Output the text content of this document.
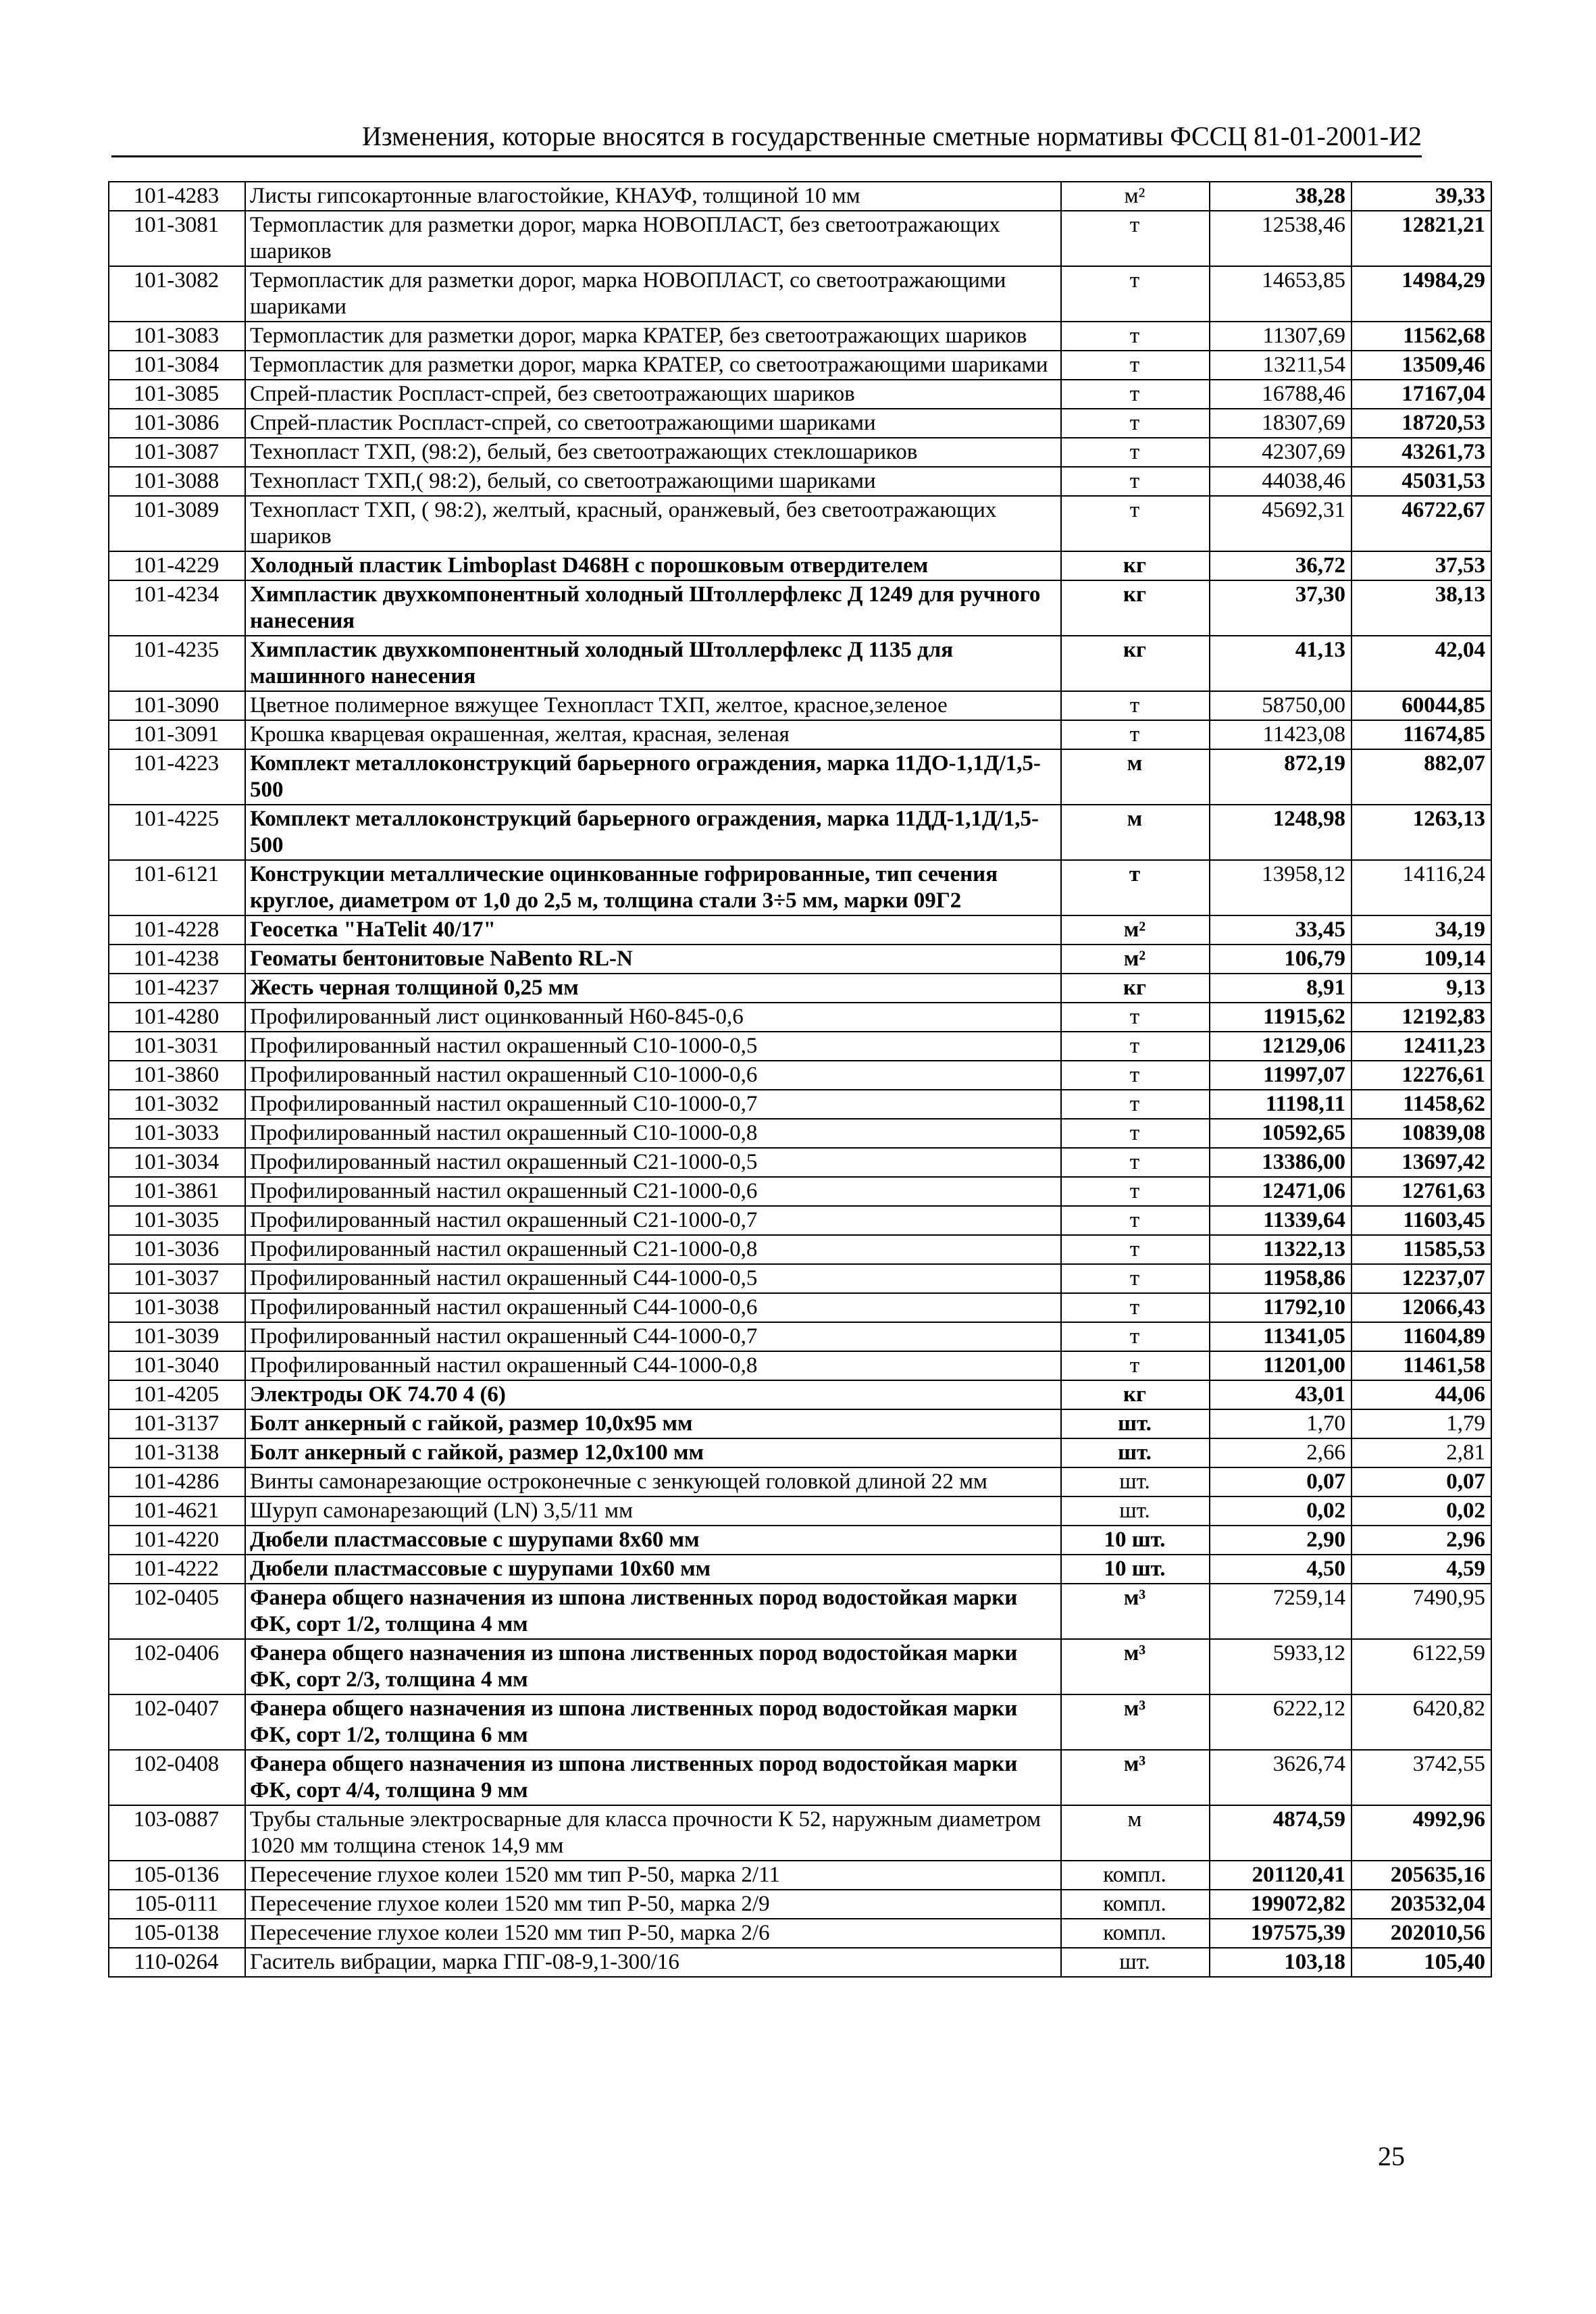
Изменения, которые вносятся в государственные сметные нормативы ФССЦ 81-01-2001-И2
101-4283	Листы гипсокартонные влагостойкие, КНАУФ, толщиной 10 мм	м²	38,28	39,33
101-3081	Термопластик для разметки дорог, марка НОВОПЛАСТ, без светоотражающих шариков	т	12538,46	12821,21
101-3082	Термопластик для разметки дорог, марка НОВОПЛАСТ, со светоотражающими шариками	т	14653,85	14984,29
101-3083	Термопластик для разметки дорог, марка КРАТЕР, без светоотражающих шариков	т	11307,69	11562,68
101-3084	Термопластик для разметки дорог, марка КРАТЕР, со светоотражающими шариками	т	13211,54	13509,46
101-3085	Спрей-пластик Роспласт-спрей, без светоотражающих шариков	т	16788,46	17167,04
101-3086	Спрей-пластик Роспласт-спрей, со светоотражающими шариками	т	18307,69	18720,53
101-3087	Технопласт ТХП, (98:2), белый, без светоотражающих стеклошариков	т	42307,69	43261,73
101-3088	Технопласт ТХП,( 98:2), белый, со светоотражающими шариками	т	44038,46	45031,53
101-3089	Технопласт ТХП, ( 98:2), желтый, красный, оранжевый, без светоотражающих шариков	т	45692,31	46722,67
101-4229	Холодный пластик Limboplast D468H с порошковым отвердителем	кг	36,72	37,53
101-4234	Химпластик двухкомпонентный холодный Штоллерфлекс Д 1249 для ручного нанесения	кг	37,30	38,13
101-4235	Химпластик двухкомпонентный холодный Штоллерфлекс Д 1135 для машинного нанесения	кг	41,13	42,04
101-3090	Цветное полимерное вяжущее Технопласт ТХП, желтое, красное,зеленое	т	58750,00	60044,85
101-3091	Крошка кварцевая окрашенная, желтая, красная, зеленая	т	11423,08	11674,85
101-4223	Комплект металлоконструкций барьерного ограждения, марка 11ДО-1,1Д/1,5-500	м	872,19	882,07
101-4225	Комплект металлоконструкций барьерного ограждения, марка 11ДД-1,1Д/1,5-500	м	1248,98	1263,13
101-6121	Конструкции металлические оцинкованные гофрированные, тип сечения круглое, диаметром от 1,0 до 2,5 м, толщина стали 3÷5 мм, марки 09Г2	т	13958,12	14116,24
101-4228	Геосетка "HaTelit 40/17"	м²	33,45	34,19
101-4238	Геоматы бентонитовые NaBento RL-N	м²	106,79	109,14
101-4237	Жесть черная толщиной 0,25 мм	кг	8,91	9,13
101-4280	Профилированный лист оцинкованный Н60-845-0,6	т	11915,62	12192,83
101-3031	Профилированный настил окрашенный С10-1000-0,5	т	12129,06	12411,23
101-3860	Профилированный настил окрашенный С10-1000-0,6	т	11997,07	12276,61
101-3032	Профилированный настил окрашенный С10-1000-0,7	т	11198,11	11458,62
101-3033	Профилированный настил окрашенный С10-1000-0,8	т	10592,65	10839,08
101-3034	Профилированный настил окрашенный С21-1000-0,5	т	13386,00	13697,42
101-3861	Профилированный настил окрашенный С21-1000-0,6	т	12471,06	12761,63
101-3035	Профилированный настил окрашенный С21-1000-0,7	т	11339,64	11603,45
101-3036	Профилированный настил окрашенный С21-1000-0,8	т	11322,13	11585,53
101-3037	Профилированный настил окрашенный С44-1000-0,5	т	11958,86	12237,07
101-3038	Профилированный настил окрашенный С44-1000-0,6	т	11792,10	12066,43
101-3039	Профилированный настил окрашенный С44-1000-0,7	т	11341,05	11604,89
101-3040	Профилированный настил окрашенный С44-1000-0,8	т	11201,00	11461,58
101-4205	Электроды ОК 74.70 4 (6)	кг	43,01	44,06
101-3137	Болт анкерный с гайкой, размер 10,0х95 мм	шт.	1,70	1,79
101-3138	Болт анкерный с гайкой, размер 12,0х100 мм	шт.	2,66	2,81
101-4286	Винты самонарезающие остроконечные с зенкующей головкой длиной 22 мм	шт.	0,07	0,07
101-4621	Шуруп самонарезающий (LN) 3,5/11 мм	шт.	0,02	0,02
101-4220	Дюбели пластмассовые с шурупами 8х60 мм	10 шт.	2,90	2,96
101-4222	Дюбели пластмассовые с шурупами 10х60 мм	10 шт.	4,50	4,59
102-0405	Фанера общего назначения из шпона лиственных пород водостойкая марки ФК, сорт 1/2, толщина 4 мм	м³	7259,14	7490,95
102-0406	Фанера общего назначения из шпона лиственных пород водостойкая марки ФК, сорт 2/3, толщина 4 мм	м³	5933,12	6122,59
102-0407	Фанера общего назначения из шпона лиственных пород водостойкая марки ФК, сорт 1/2, толщина 6 мм	м³	6222,12	6420,82
102-0408	Фанера общего назначения из шпона лиственных пород водостойкая марки ФК, сорт 4/4, толщина 9 мм	м³	3626,74	3742,55
103-0887	Трубы стальные электросварные для класса прочности К 52, наружным диаметром 1020 мм толщина стенок 14,9 мм	м	4874,59	4992,96
105-0136	Пересечение глухое колеи 1520 мм тип Р-50, марка 2/11	компл.	201120,41	205635,16
105-0111	Пересечение глухое колеи 1520 мм тип Р-50, марка 2/9	компл.	199072,82	203532,04
105-0138	Пересечение глухое колеи 1520 мм тип Р-50, марка 2/6	компл.	197575,39	202010,56
110-0264	Гаситель вибрации, марка ГПГ-08-9,1-300/16	шт.	103,18	105,40
25
